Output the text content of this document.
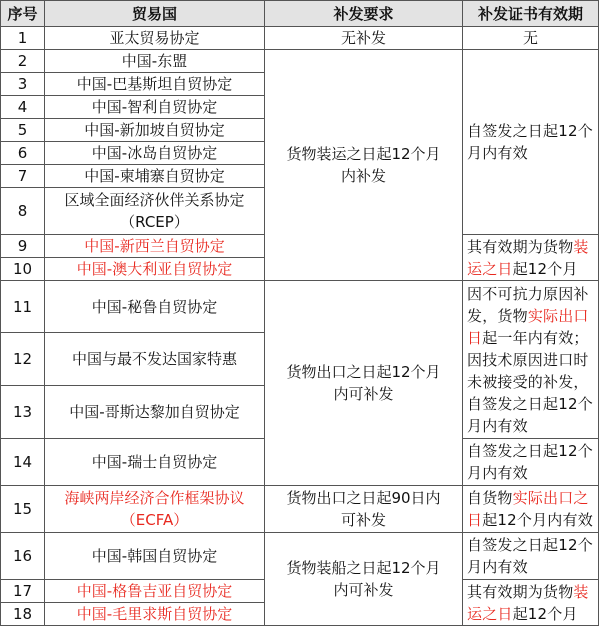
序号	贸易国	补发要求	补发证书有效期
1	亚太贸易协定	无补发	无
2	中国-东盟	货物装运之日起12个月内补发	自签发之日起12个月内有效
3	中国-巴基斯坦自贸协定		
4	中国-智利自贸协定		
5	中国-新加坡自贸协定		
6	中国-冰岛自贸协定		
7	中国-柬埔寨自贸协定		
8	区域全面经济伙伴关系协定（RCEP）		
9	中国-新西兰自贸协定		其有效期为货物装运之日起12个月
10	中国-澳大利亚自贸协定		
11	中国-秘鲁自贸协定	货物出口之日起12个月内可补发	因不可抗力原因补发，货物实际出口日起一年内有效；因技术原因进口时未被接受的补发，自签发之日起12个月内有效
12	中国与最不发达国家特惠		
13	中国-哥斯达黎加自贸协定		
14	中国-瑞士自贸协定		自签发之日起12个月内有效
15	海峡两岸经济合作框架协议（ECFA）	货物出口之日起90日内可补发	自货物实际出口之日起12个月内有效
16	中国-韩国自贸协定	货物装船之日起12个月内可补发	自签发之日起12个月内有效
17	中国-格鲁吉亚自贸协定		其有效期为货物装运之日起12个月
18	中国-毛里求斯自贸协定		
